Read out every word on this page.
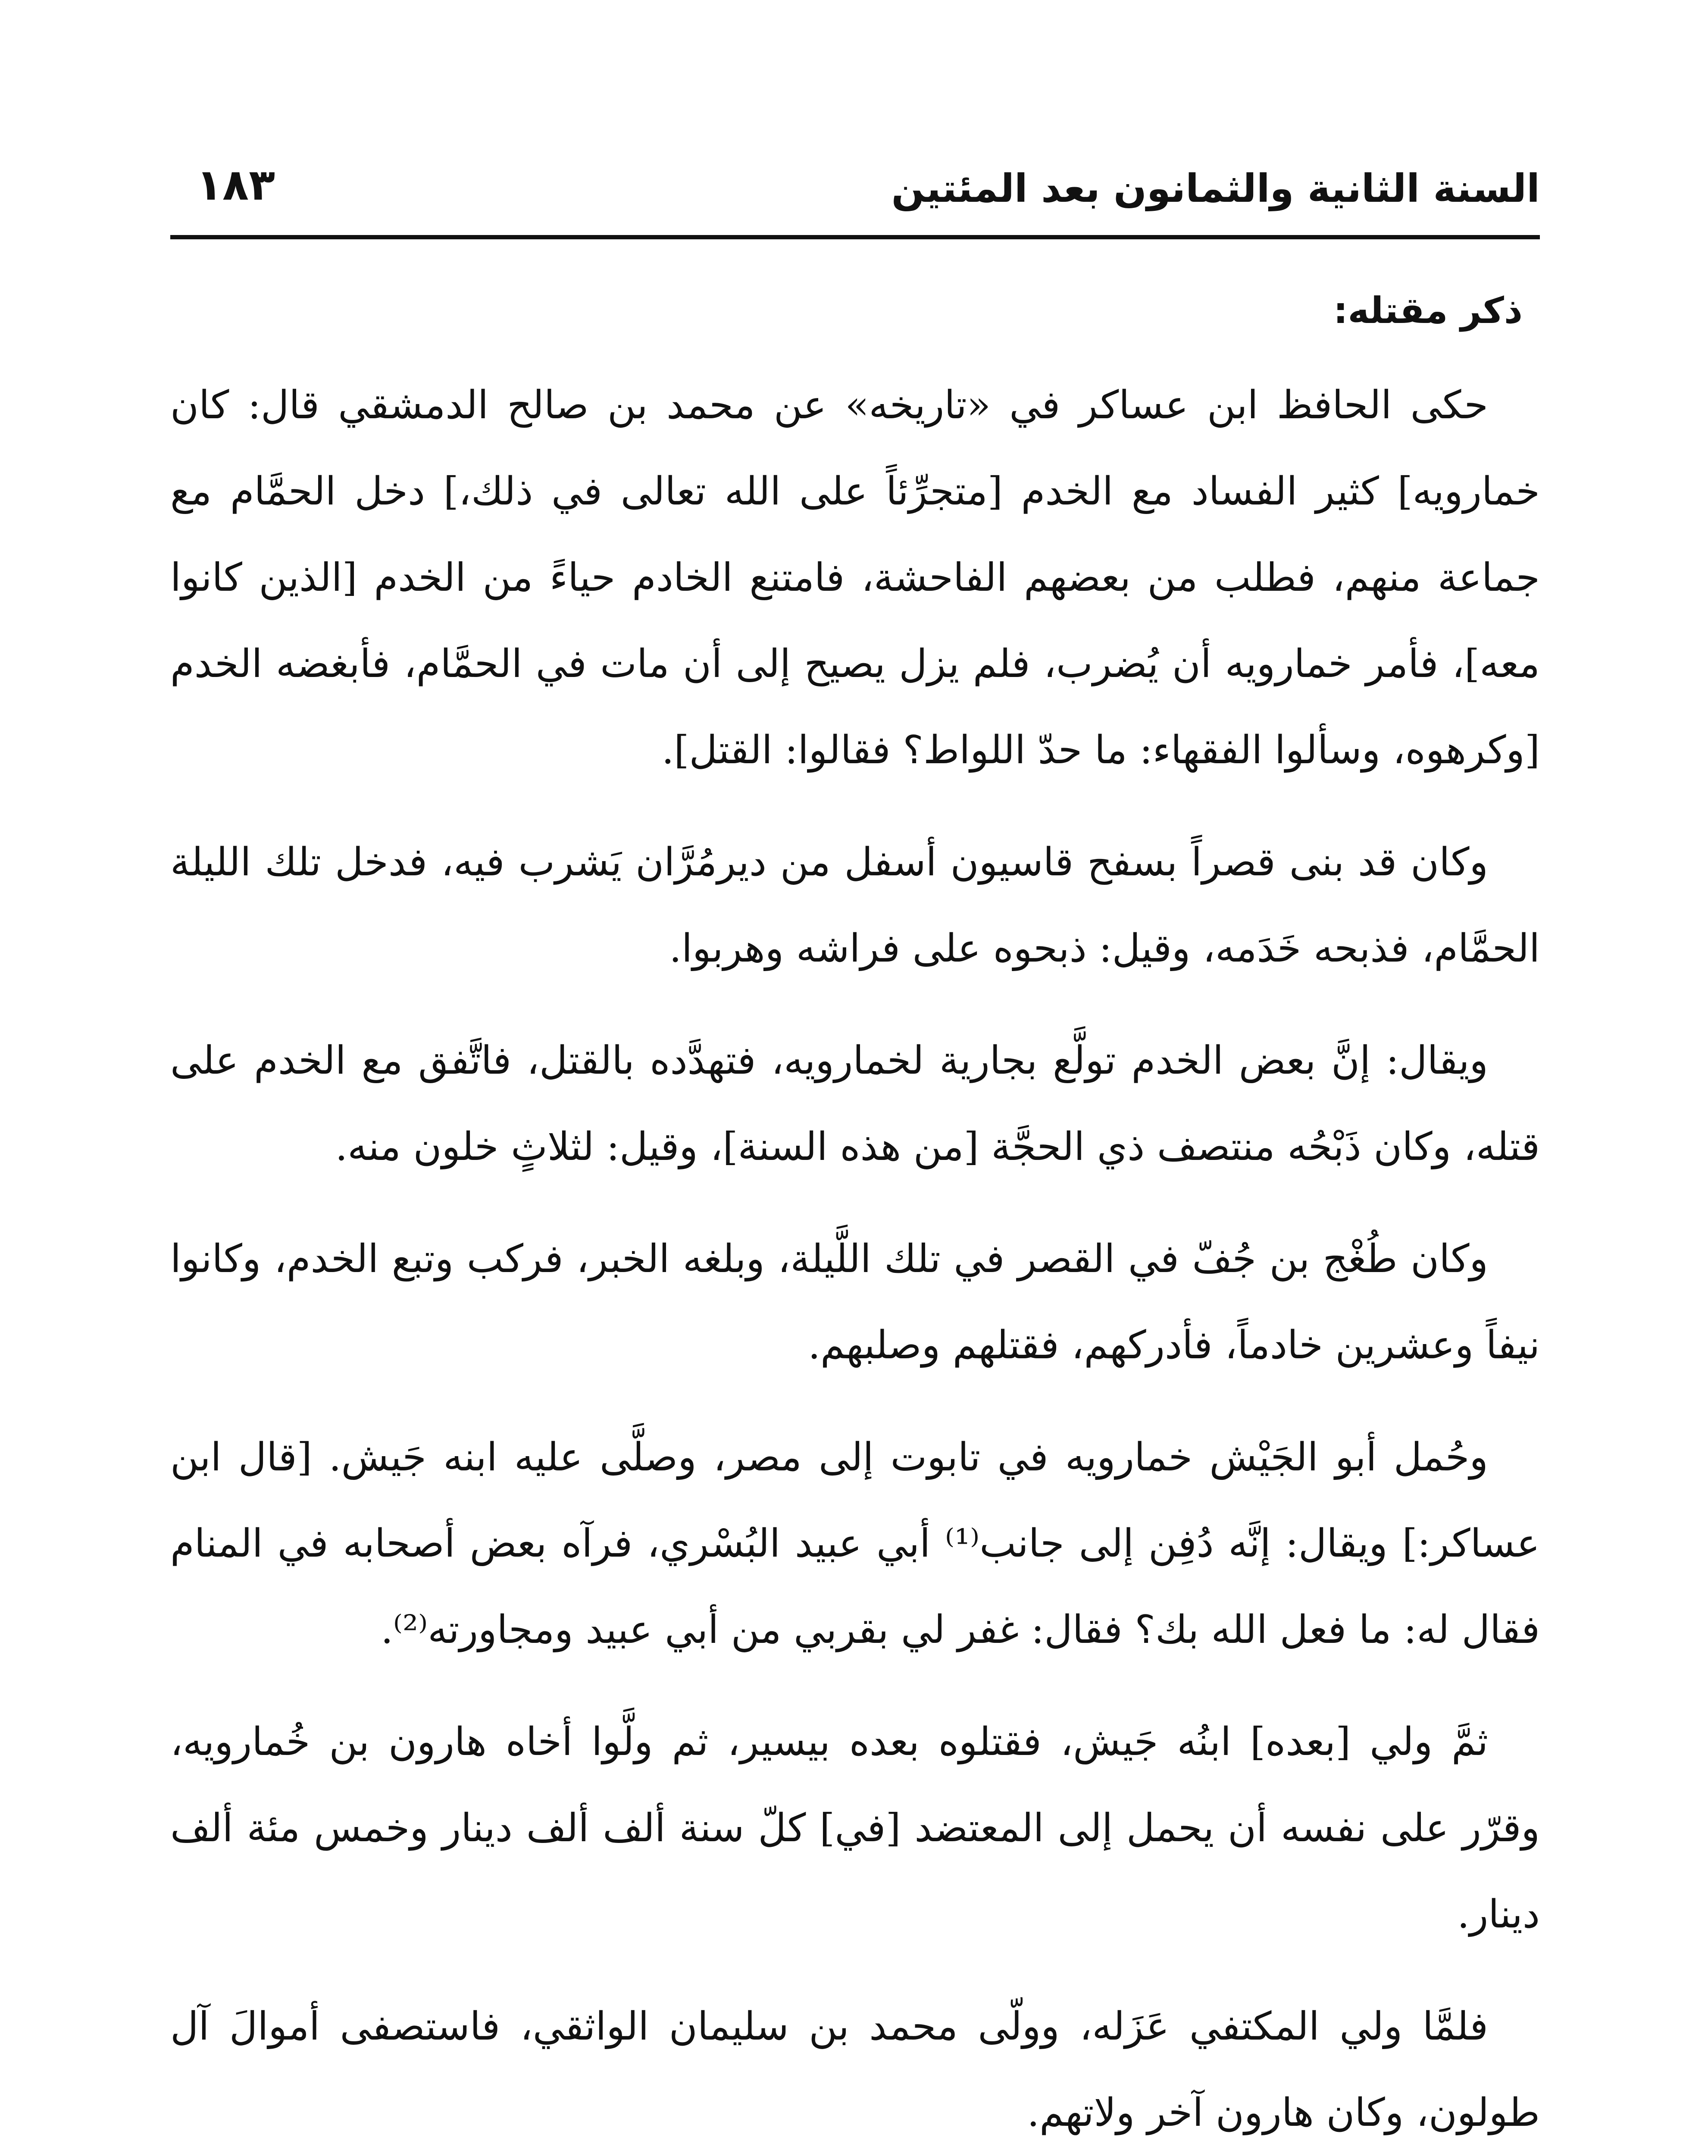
السنة الثانية والثمانون بعد المئتين
١٨٣

ذكر مقتله:

حكى الحافظ ابن عساكر في «تاريخه» عن محمد بن صالح الدمشقي قال: كان خمارويه] كثير الفساد مع الخدم [متجرِّئاً على الله تعالى في ذلك،] دخل الحمَّام مع جماعة منهم، فطلب من بعضهم الفاحشة، فامتنع الخادم حياءً من الخدم [الذين كانوا معه]، فأمر خمارويه أن يُضرب، فلم يزل يصيح إلى أن مات في الحمَّام، فأبغضه الخدم [وكرهوه، وسألوا الفقهاء: ما حدّ اللواط؟ فقالوا: القتل].

وكان قد بنى قصراً بسفح قاسيون أسفل من ديرمُرَّان يَشرب فيه، فدخل تلك الليلة الحمَّام، فذبحه خَدَمه، وقيل: ذبحوه على فراشه وهربوا.

ويقال: إنَّ بعض الخدم تولَّع بجارية لخمارويه، فتهدَّده بالقتل، فاتَّفق مع الخدم على قتله، وكان ذَبْحُه منتصف ذي الحجَّة [من هذه السنة]، وقيل: لثلاثٍ خلون منه.

وكان طُغْج بن جُفّ في القصر في تلك اللَّيلة، وبلغه الخبر، فركب وتبع الخدم، وكانوا نيفاً وعشرين خادماً، فأدركهم، فقتلهم وصلبهم.

وحُمل أبو الجَيْش خمارويه في تابوت إلى مصر، وصلَّى عليه ابنه جَيش. [قال ابن عساكر:] ويقال: إنَّه دُفِن إلى جانب⁽¹⁾ أبي عبيد البُسْري، فرآه بعض أصحابه في المنام فقال له: ما فعل الله بك؟ فقال: غفر لي بقربي من أبي عبيد ومجاورته⁽²⁾.

ثمَّ ولي [بعده] ابنُه جَيش، فقتلوه بعده بيسير، ثم ولَّوا أخاه هارون بن خُمارويه، وقرّر على نفسه أن يحمل إلى المعتضد [في] كلّ سنة ألف ألف دينار وخمس مئة ألف دينار.

فلمَّا ولي المكتفي عَزَله، وولّى محمد بن سليمان الواثقي، فاستصفى أموالَ آل طولون، وكان هارون آخر ولاتهم.
